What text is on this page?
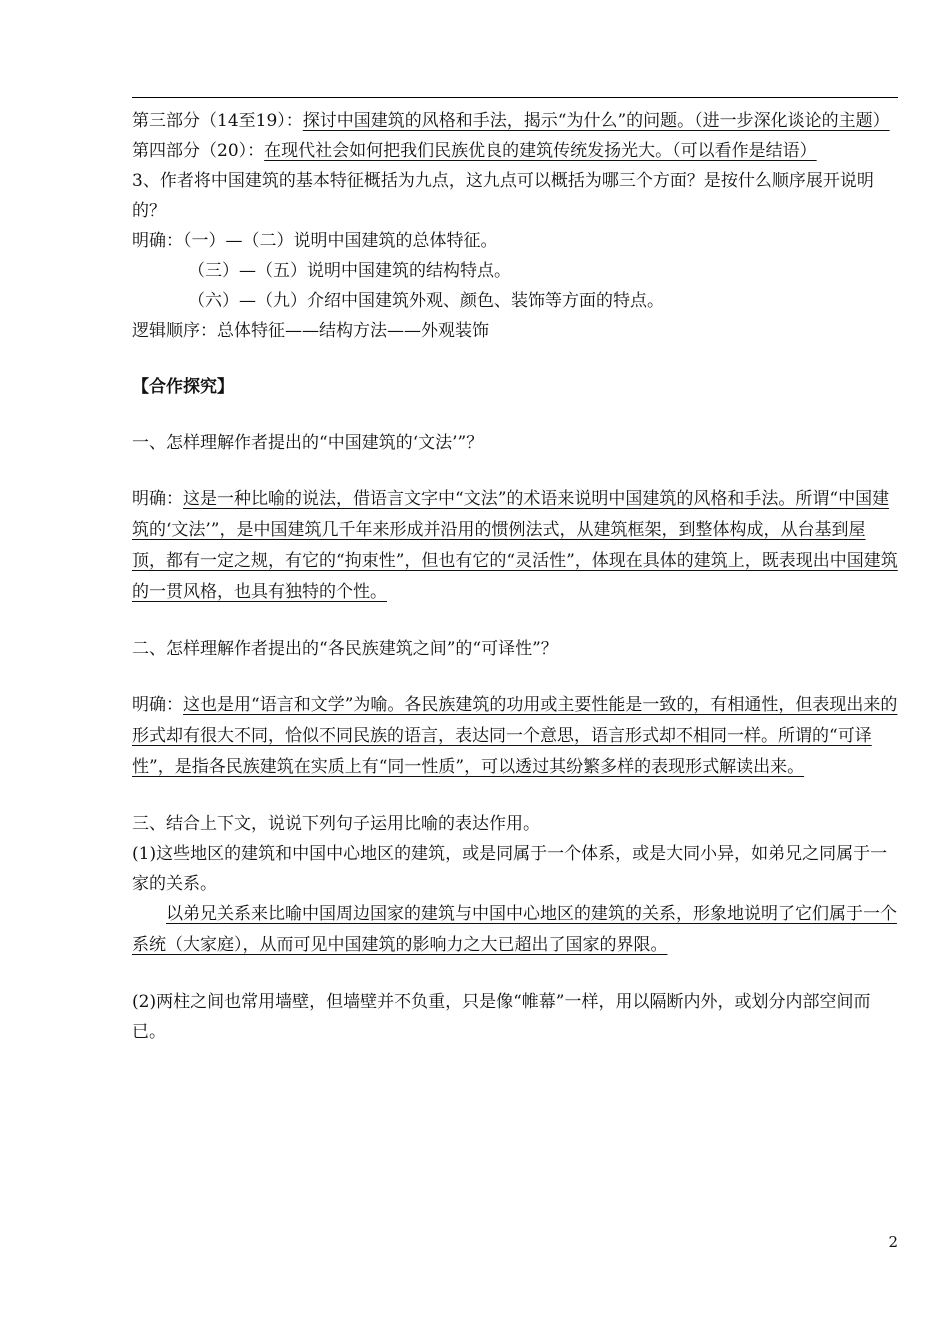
第三部分（14至19）：探讨中国建筑的风格和手法，揭示“为什么”的问题。（进一步深化谈论的主题）

第四部分（20）：在现代社会如何把我们民族优良的建筑传统发扬光大。（可以看作是结语）

3、作者将中国建筑的基本特征概括为九点，这九点可以概括为哪三个方面？是按什么顺序展开说明的？

明确：（一）—（二）说明中国建筑的总体特征。

（三）—（五）说明中国建筑的结构特点。

（六）—（九）介绍中国建筑外观、颜色、装饰等方面的特点。

逻辑顺序：总体特征——结构方法——外观装饰

【合作探究】

一、怎样理解作者提出的“中国建筑的‘文法’”？

明确：这是一种比喻的说法，借语言文字中“文法”的术语来说明中国建筑的风格和手法。所谓“中国建筑的‘文法’”，是中国建筑几千年来形成并沿用的惯例法式，从建筑框架，到整体构成，从台基到屋顶，都有一定之规，有它的“拘束性”，但也有它的“灵活性”，体现在具体的建筑上，既表现出中国建筑的一贯风格，也具有独特的个性。

二、怎样理解作者提出的“各民族建筑之间”的“可译性”？

明确：这也是用“语言和文学”为喻。各民族建筑的功用或主要性能是一致的，有相通性，但表现出来的形式却有很大不同，恰似不同民族的语言，表达同一个意思，语言形式却不相同一样。所谓的“可译性”，是指各民族建筑在实质上有“同一性质”，可以透过其纷繁多样的表现形式解读出来。

三、结合上下文，说说下列句子运用比喻的表达作用。

(1)这些地区的建筑和中国中心地区的建筑，或是同属于一个体系，或是大同小异，如弟兄之同属于一家的关系。

以弟兄关系来比喻中国周边国家的建筑与中国中心地区的建筑的关系，形象地说明了它们属于一个系统（大家庭），从而可见中国建筑的影响力之大已超出了国家的界限。

(2)两柱之间也常用墙壁，但墙壁并不负重，只是像“帷幕”一样，用以隔断内外，或划分内部空间而已。

2
